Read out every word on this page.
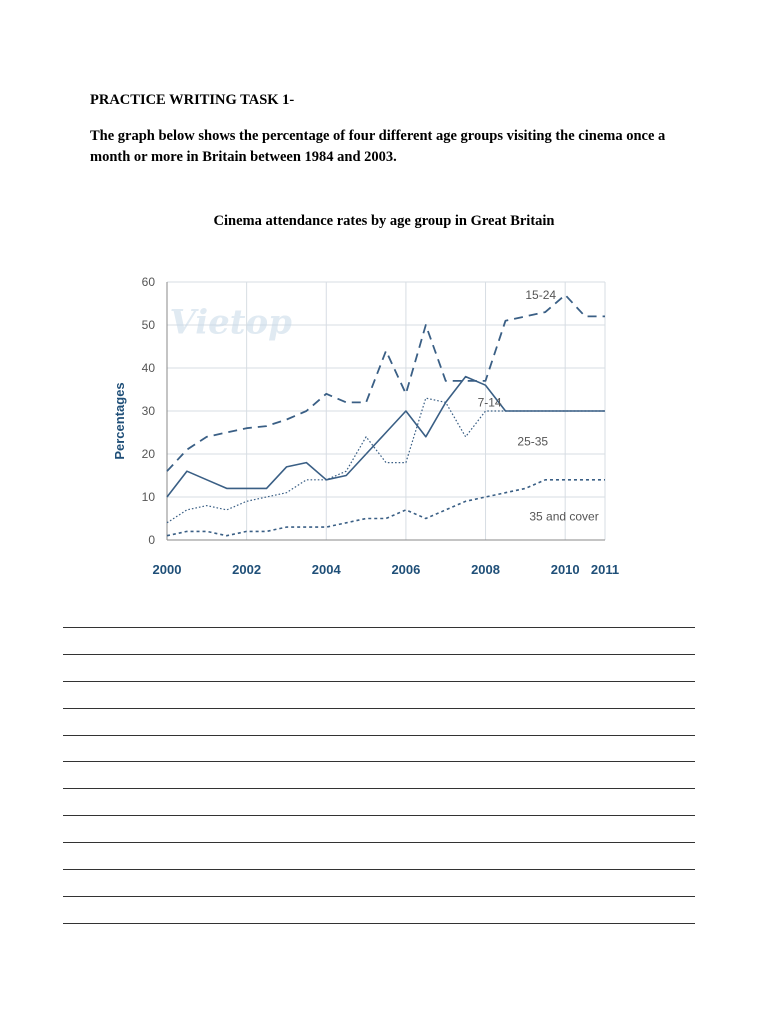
PRACTICE WRITING TASK 1-
The graph below shows the percentage of four different age groups visiting the cinema once a month or more in Britain between 1984 and 2003.
Cinema attendance rates by age group in Great Britain
Vietop
0
10
20
30
40
50
60
2000	2002	2004	2006	2008	2010 2011
Percentages
15-24
7-14
25-35
35 and cover
